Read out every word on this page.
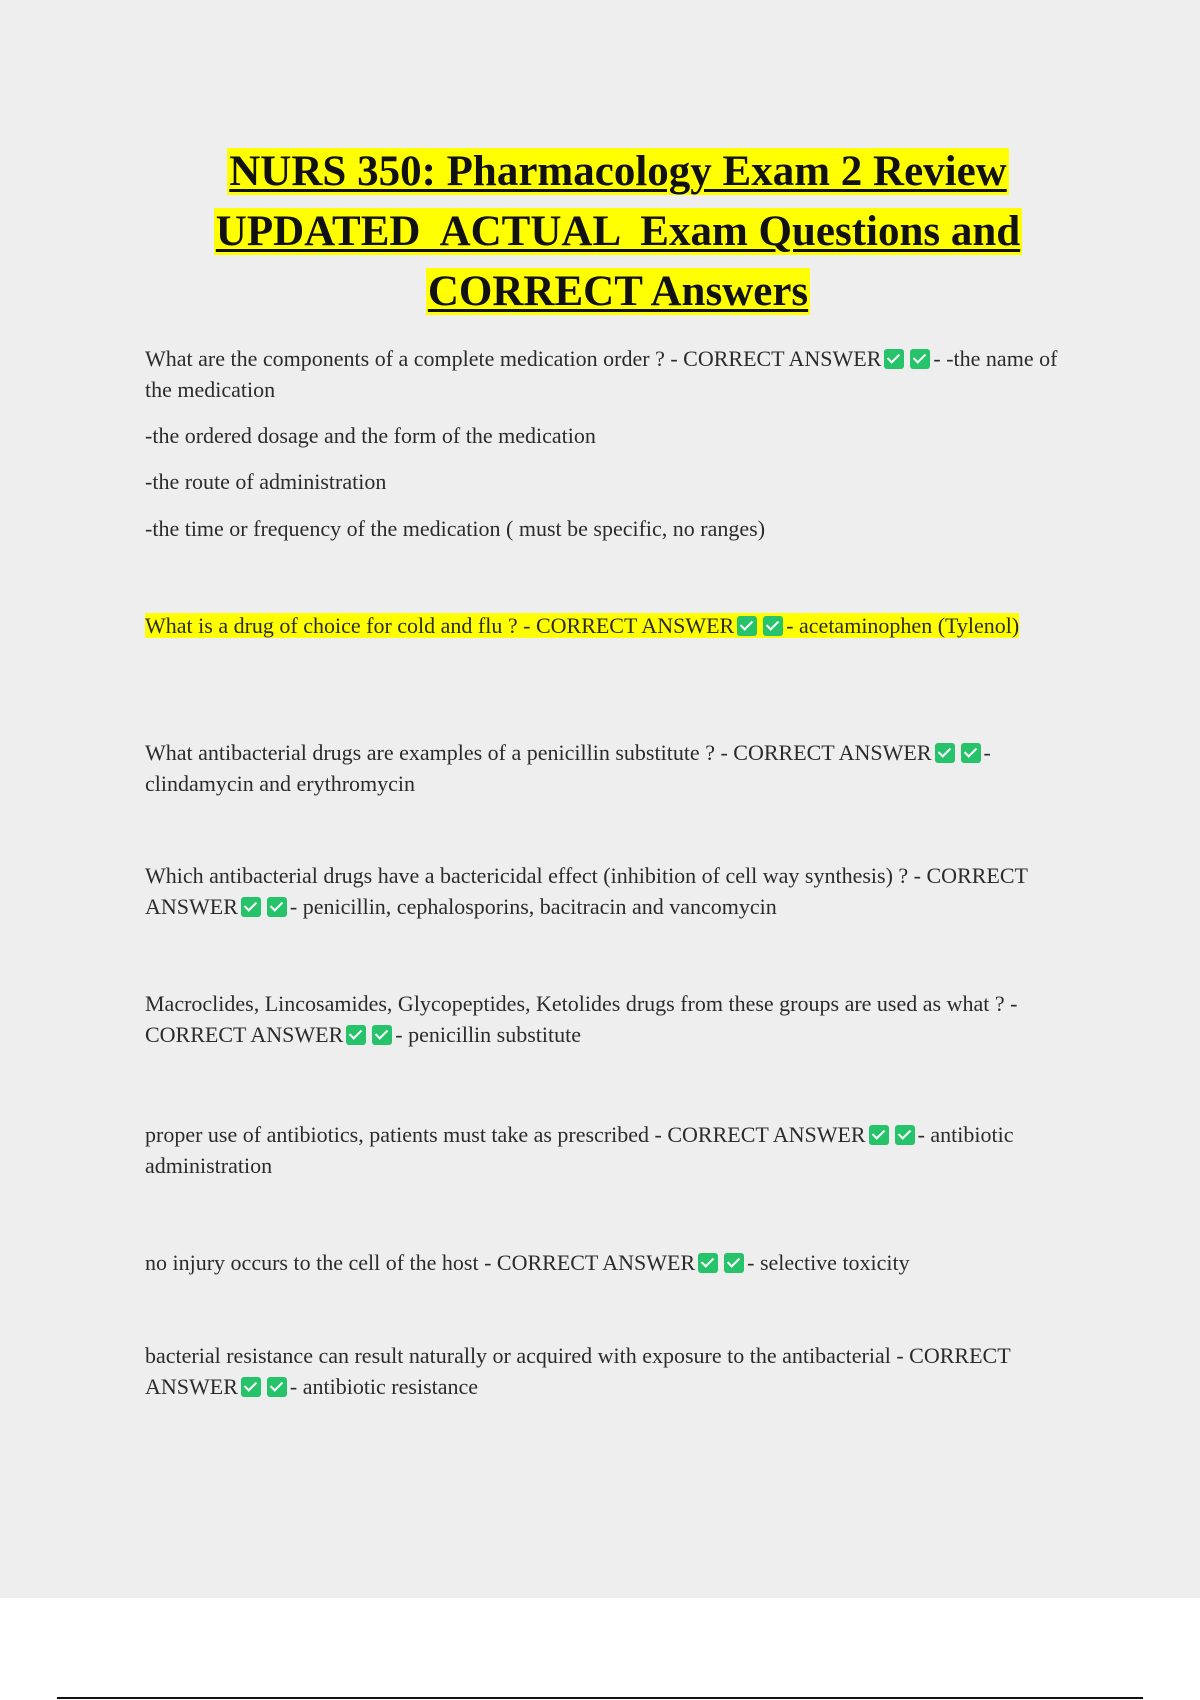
NURS 350: Pharmacology Exam 2 Review
UPDATED  ACTUAL  Exam Questions and
CORRECT Answers

What are the components of a complete medication order ? - CORRECT ANSWER - -the name of the medication

-the ordered dosage and the form of the medication

-the route of administration

-the time or frequency of the medication ( must be specific, no ranges)

What is a drug of choice for cold and flu ? - CORRECT ANSWER - acetaminophen (Tylenol)

What antibacterial drugs are examples of a penicillin substitute ? - CORRECT ANSWER - clindamycin and erythromycin

Which antibacterial drugs have a bactericidal effect (inhibition of cell way synthesis) ? - CORRECT ANSWER - penicillin, cephalosporins, bacitracin and vancomycin

Macroclides, Lincosamides, Glycopeptides, Ketolides drugs from these groups are used as what ? - CORRECT ANSWER - penicillin substitute

proper use of antibiotics, patients must take as prescribed - CORRECT ANSWER - antibiotic administration

no injury occurs to the cell of the host - CORRECT ANSWER - selective toxicity

bacterial resistance can result naturally or acquired with exposure to the antibacterial - CORRECT ANSWER - antibiotic resistance
